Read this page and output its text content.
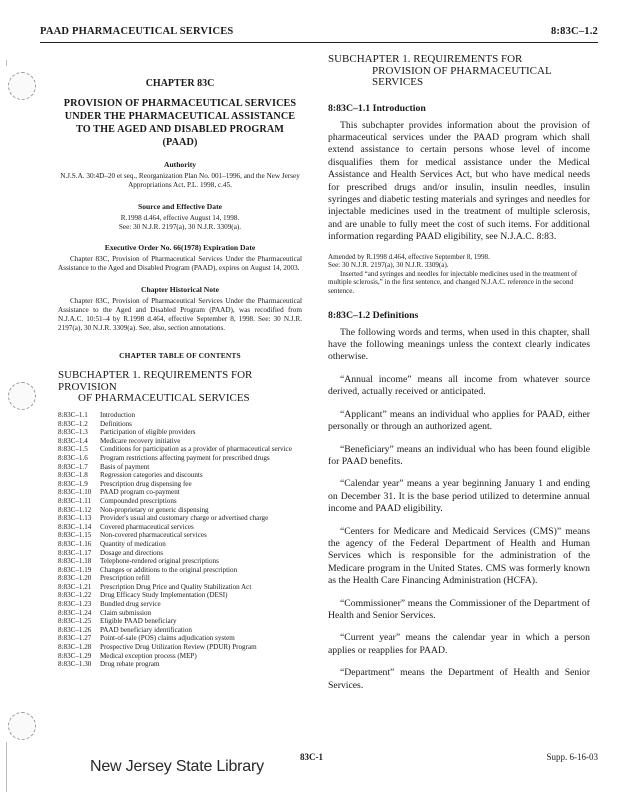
PAAD PHARMACEUTICAL SERVICES	8:83C–1.2
CHAPTER 83C
PROVISION OF PHARMACEUTICAL SERVICES UNDER THE PHARMACEUTICAL ASSISTANCE TO THE AGED AND DISABLED PROGRAM (PAAD)
Authority
N.J.S.A. 30:4D–20 et seq., Reorganization Plan No. 001–1996, and the New Jersey Appropriations Act, P.L. 1998, c.45.
Source and Effective Date
R.1998 d.464, effective August 14, 1998.
See: 30 N.J.R. 2197(a), 30 N.J.R. 3309(a).
Executive Order No. 66(1978) Expiration Date
Chapter 83C, Provision of Pharmaceutical Services Under the Pharmaceutical Assistance to the Aged and Disabled Program (PAAD), expires on August 14, 2003.
Chapter Historical Note
Chapter 83C, Provision of Pharmaceutical Services Under the Pharmaceutical Assistance to the Aged and Disabled Program (PAAD), was recodified from N.J.A.C. 10:51–4 by R.1998 d.464, effective September 8, 1998. See: 30 N.J.R. 2197(a), 30 N.J.R. 3309(a). See, also, section annotations.
CHAPTER TABLE OF CONTENTS
SUBCHAPTER 1. REQUIREMENTS FOR PROVISION
OF PHARMACEUTICAL SERVICES
8:83C–1.1	Introduction
8:83C–1.2	Definitions
8:83C–1.3	Participation of eligible providers
8:83C–1.4	Medicare recovery initiative
8:83C–1.5	Conditions for participation as a provider of pharmaceutical service
8:83C–1.6	Program restrictions affecting payment for prescribed drugs
8:83C–1.7	Basis of payment
8:83C–1.8	Regression categories and discounts
8:83C–1.9	Prescription drug dispensing fee
8:83C–1.10	PAAD program co-payment
8:83C–1.11	Compounded prescriptions
8:83C–1.12	Non-proprietary or generic dispensing
8:83C–1.13	Provider's usual and customary charge or advertised charge
8:83C–1.14	Covered pharmaceutical services
8:83C–1.15	Non-covered pharmaceutical services
8:83C–1.16	Quantity of medication
8:83C–1.17	Dosage and directions
8:83C–1.18	Telephone-rendered original prescriptions
8:83C–1.19	Changes or additions to the original prescription
8:83C–1.20	Prescription refill
8:83C–1.21	Prescription Drug Price and Quality Stabilization Act
8:83C–1.22	Drug Efficacy Study Implementation (DESI)
8:83C–1.23	Bundled drug service
8:83C–1.24	Claim submission
8:83C–1.25	Eligible PAAD beneficiary
8:83C–1.26	PAAD beneficiary identification
8:83C–1.27	Point-of-sale (POS) claims adjudication system
8:83C–1.28	Prospective Drug Utilization Review (PDUR) Program
8:83C–1.29	Medical exception process (MEP)
8:83C–1.30	Drug rebate program
SUBCHAPTER 1. REQUIREMENTS FOR
PROVISION OF PHARMACEUTICAL
SERVICES
8:83C–1.1 Introduction
This subchapter provides information about the provision of pharmaceutical services under the PAAD program which shall extend assistance to certain persons whose level of income disqualifies them for medical assistance under the Medical Assistance and Health Services Act, but who have medical needs for prescribed drugs and/or insulin, insulin needles, insulin syringes and diabetic testing materials and syringes and needles for injectable medicines used in the treatment of multiple sclerosis, and are unable to fully meet the cost of such items. For additional information regarding PAAD eligibility, see N.J.A.C. 8:83.
Amended by R.1998 d.464, effective September 8, 1998.
See: 30 N.J.R. 2197(a), 30 N.J.R. 3309(a).
Inserted “and syringes and needles for injectable medicines used in the treatment of multiple sclerosis,” in the first sentence, and changed N.J.A.C. reference in the second sentence.
8:83C–1.2 Definitions
The following words and terms, when used in this chapter, shall have the following meanings unless the context clearly indicates otherwise.
“Annual income” means all income from whatever source derived, actually received or anticipated.
“Applicant” means an individual who applies for PAAD, either personally or through an authorized agent.
“Beneficiary” means an individual who has been found eligible for PAAD benefits.
“Calendar year” means a year beginning January 1 and ending on December 31. It is the base period utilized to determine annual income and PAAD eligibility.
“Centers for Medicare and Medicaid Services (CMS)” means the agency of the Federal Department of Health and Human Services which is responsible for the administration of the Medicare program in the United States. CMS was formerly known as the Health Care Financing Administration (HCFA).
“Commissioner” means the Commissioner of the Department of Health and Senior Services.
“Current year” means the calendar year in which a person applies or reapplies for PAAD.
“Department” means the Department of Health and Senior Services.
83C-1	Supp. 6-16-03
New Jersey State Library
